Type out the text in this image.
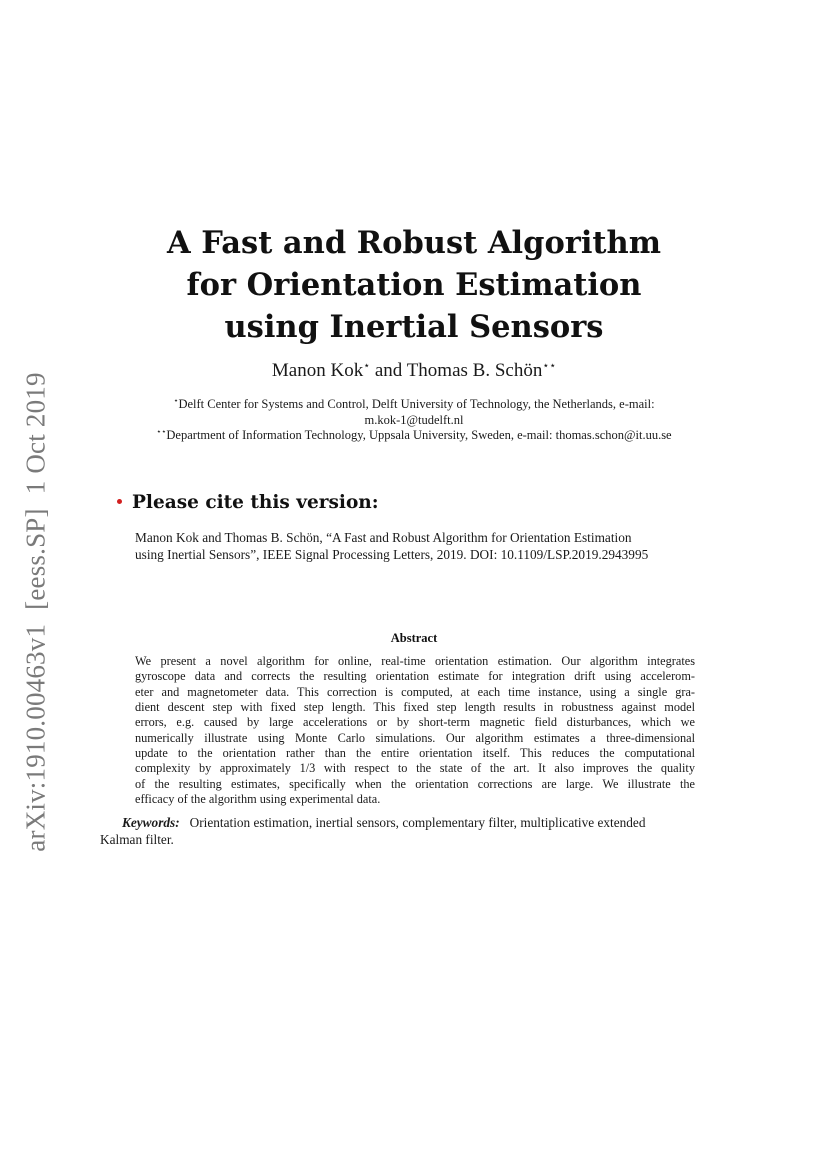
arXiv:1910.00463v1[eess.SP]1 Oct 2019
A Fast and Robust Algorithm
for Orientation Estimation
using Inertial Sensors
Manon Kok⋆ and Thomas B. Schön⋆⋆
⋆Delft Center for Systems and Control, Delft University of Technology, the Netherlands, e-mail:
m.kok-1@tudelft.nl
⋆⋆Department of Information Technology, Uppsala University, Sweden, e-mail: thomas.schon@it.uu.se
Please cite this version:
Manon Kok and Thomas B. Schön, “A Fast and Robust Algorithm for Orientation Estimation
using Inertial Sensors”, IEEE Signal Processing Letters, 2019. DOI: 10.1109/LSP.2019.2943995
Abstract
We present a novel algorithm for online, real-time orientation estimation. Our algorithm integrates
gyroscope data and corrects the resulting orientation estimate for integration drift using accelerom-
eter and magnetometer data. This correction is computed, at each time instance, using a single gra-
dient descent step with fixed step length. This fixed step length results in robustness against model
errors, e.g. caused by large accelerations or by short-term magnetic field disturbances, which we
numerically illustrate using Monte Carlo simulations. Our algorithm estimates a three-dimensional
update to the orientation rather than the entire orientation itself. This reduces the computational
complexity by approximately 1/3 with respect to the state of the art. It also improves the quality
of the resulting estimates, specifically when the orientation corrections are large. We illustrate the
efficacy of the algorithm using experimental data.
Keywords: Orientation estimation, inertial sensors, complementary filter, multiplicative extended
Kalman filter.
